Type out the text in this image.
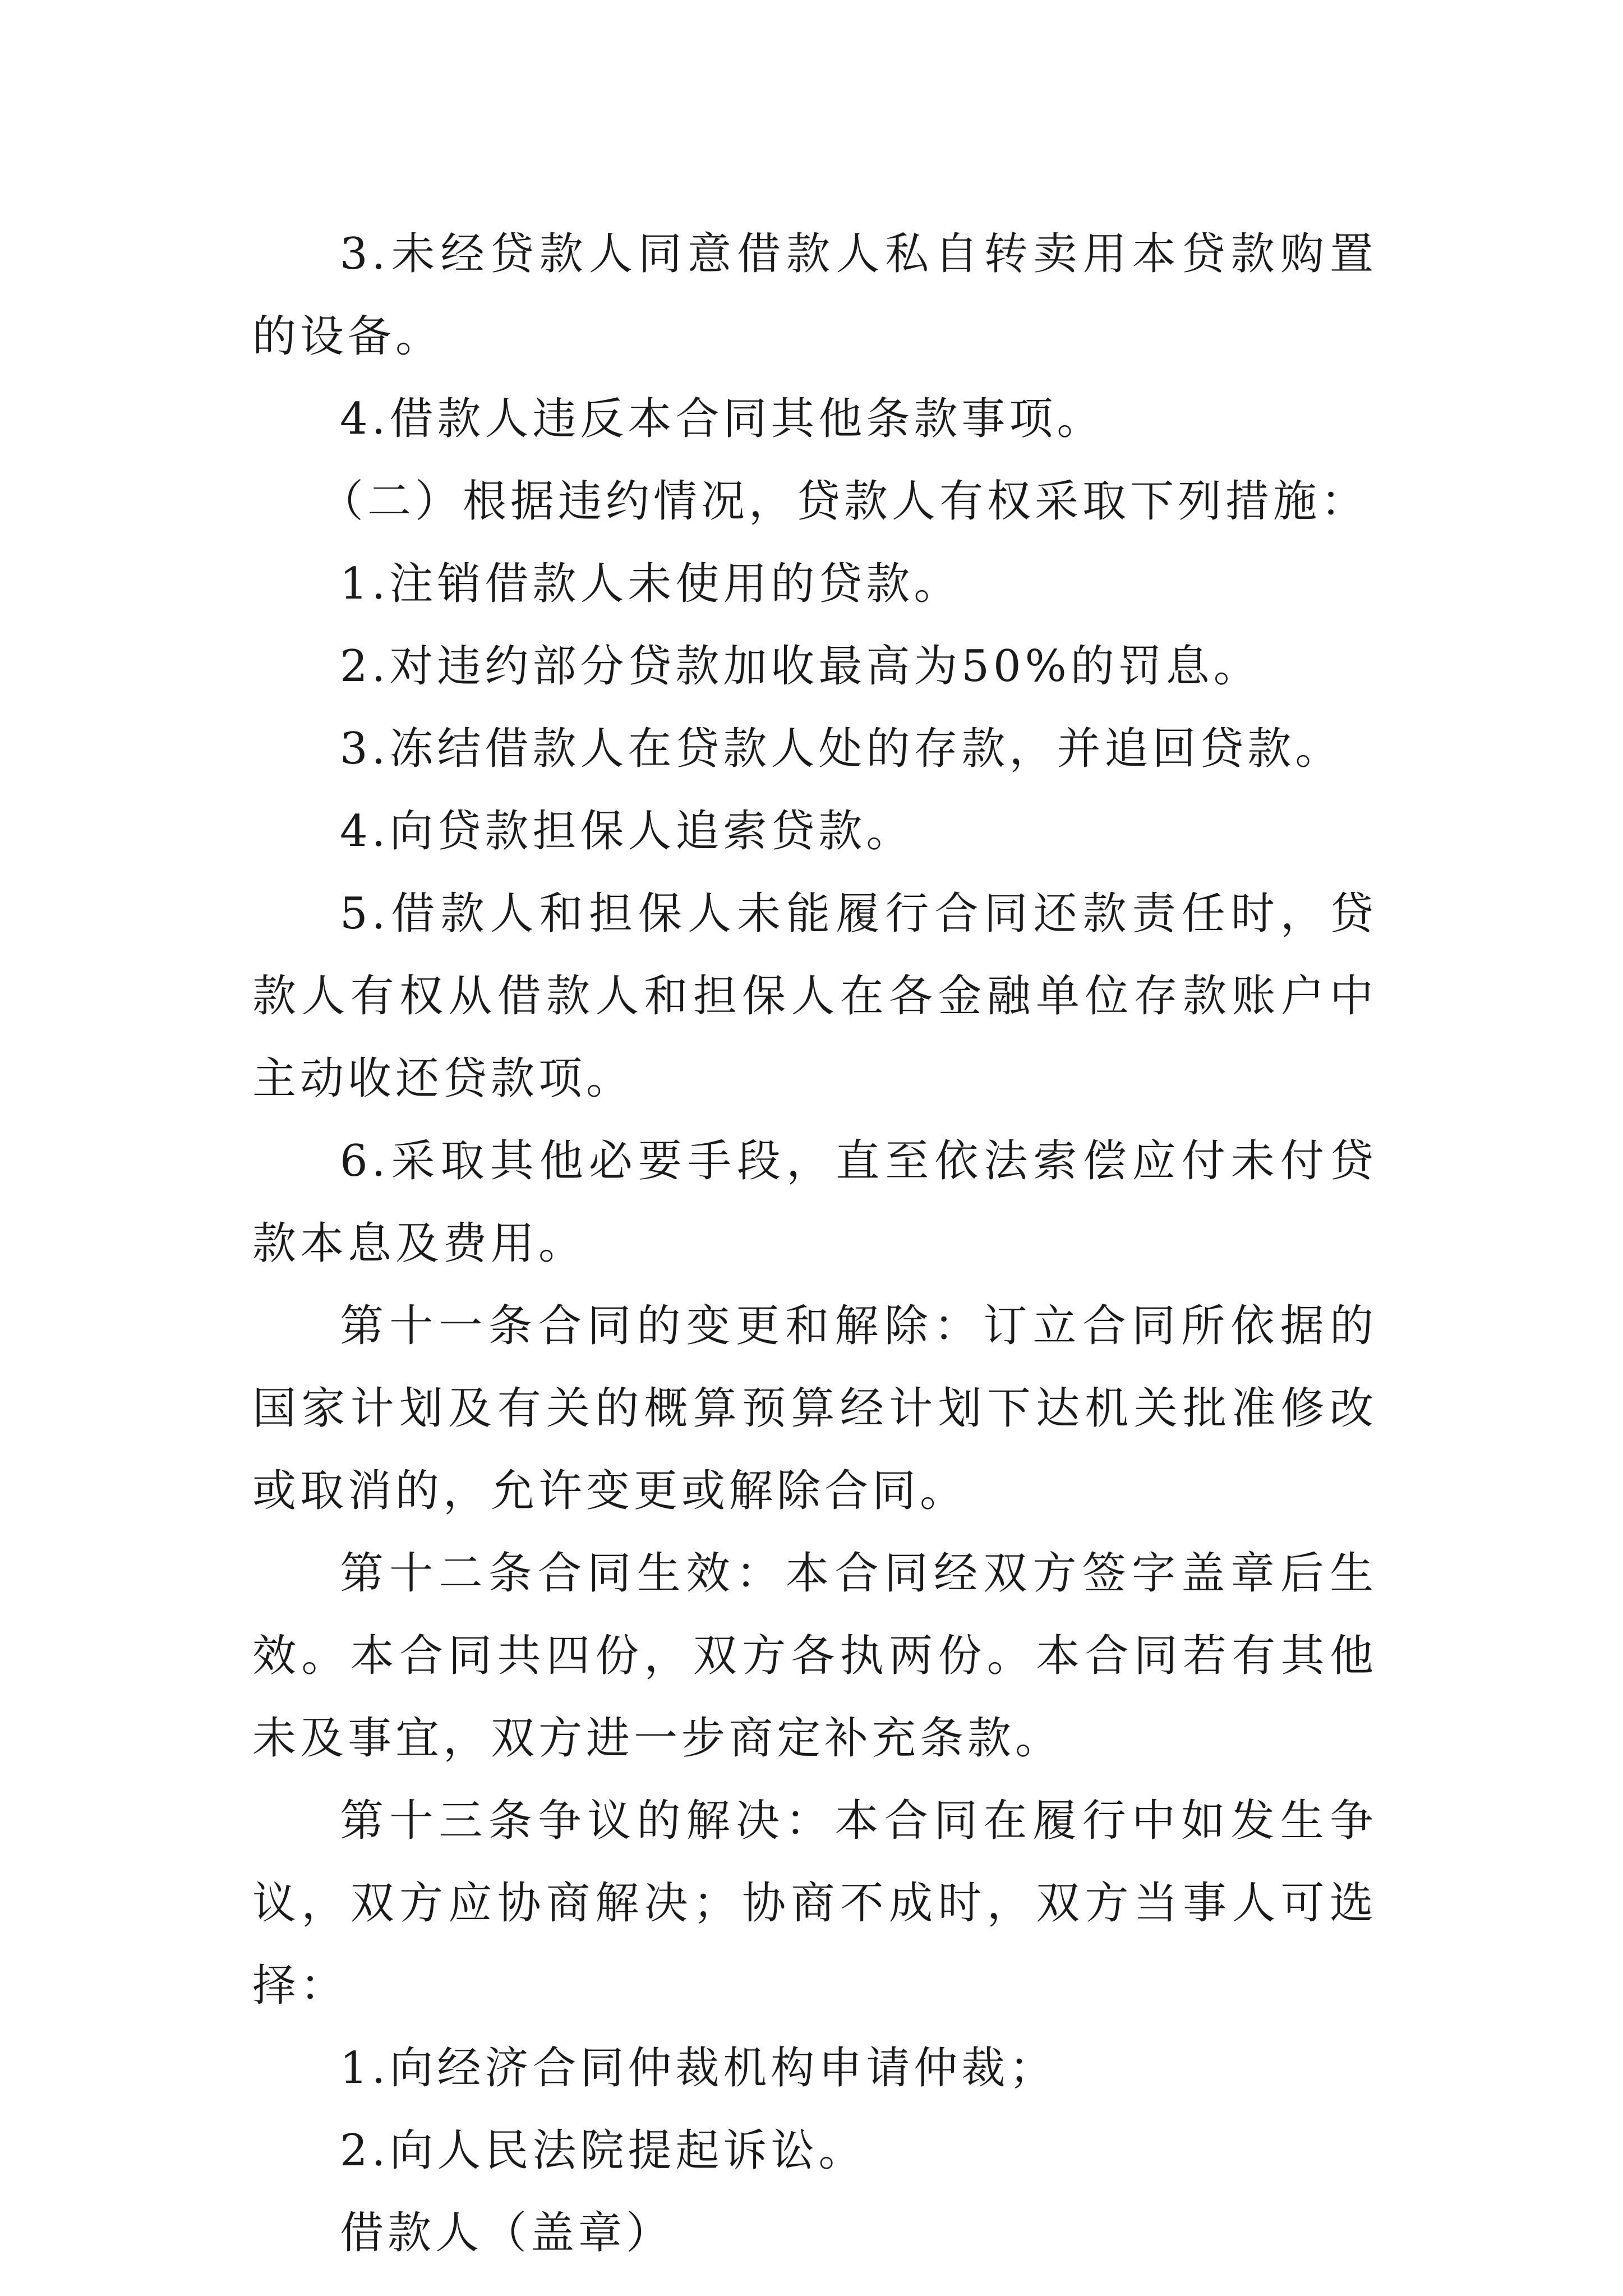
3.未经贷款人同意借款人私自转卖用本贷款购置的设备。

4.借款人违反本合同其他条款事项。

（二）根据违约情况，贷款人有权采取下列措施：

1.注销借款人未使用的贷款。

2.对违约部分贷款加收最高为50%的罚息。

3.冻结借款人在贷款人处的存款，并追回贷款。

4.向贷款担保人追索贷款。

5.借款人和担保人未能履行合同还款责任时，贷款人有权从借款人和担保人在各金融单位存款账户中主动收还贷款项。

6.采取其他必要手段，直至依法索偿应付未付贷款本息及费用。

第十一条合同的变更和解除：订立合同所依据的国家计划及有关的概算预算经计划下达机关批准修改或取消的，允许变更或解除合同。

第十二条合同生效：本合同经双方签字盖章后生效。本合同共四份，双方各执两份。本合同若有其他未及事宜，双方进一步商定补充条款。

第十三条争议的解决：本合同在履行中如发生争议，双方应协商解决；协商不成时，双方当事人可选择：

1.向经济合同仲裁机构申请仲裁；

2.向人民法院提起诉讼。

借款人（盖章）
